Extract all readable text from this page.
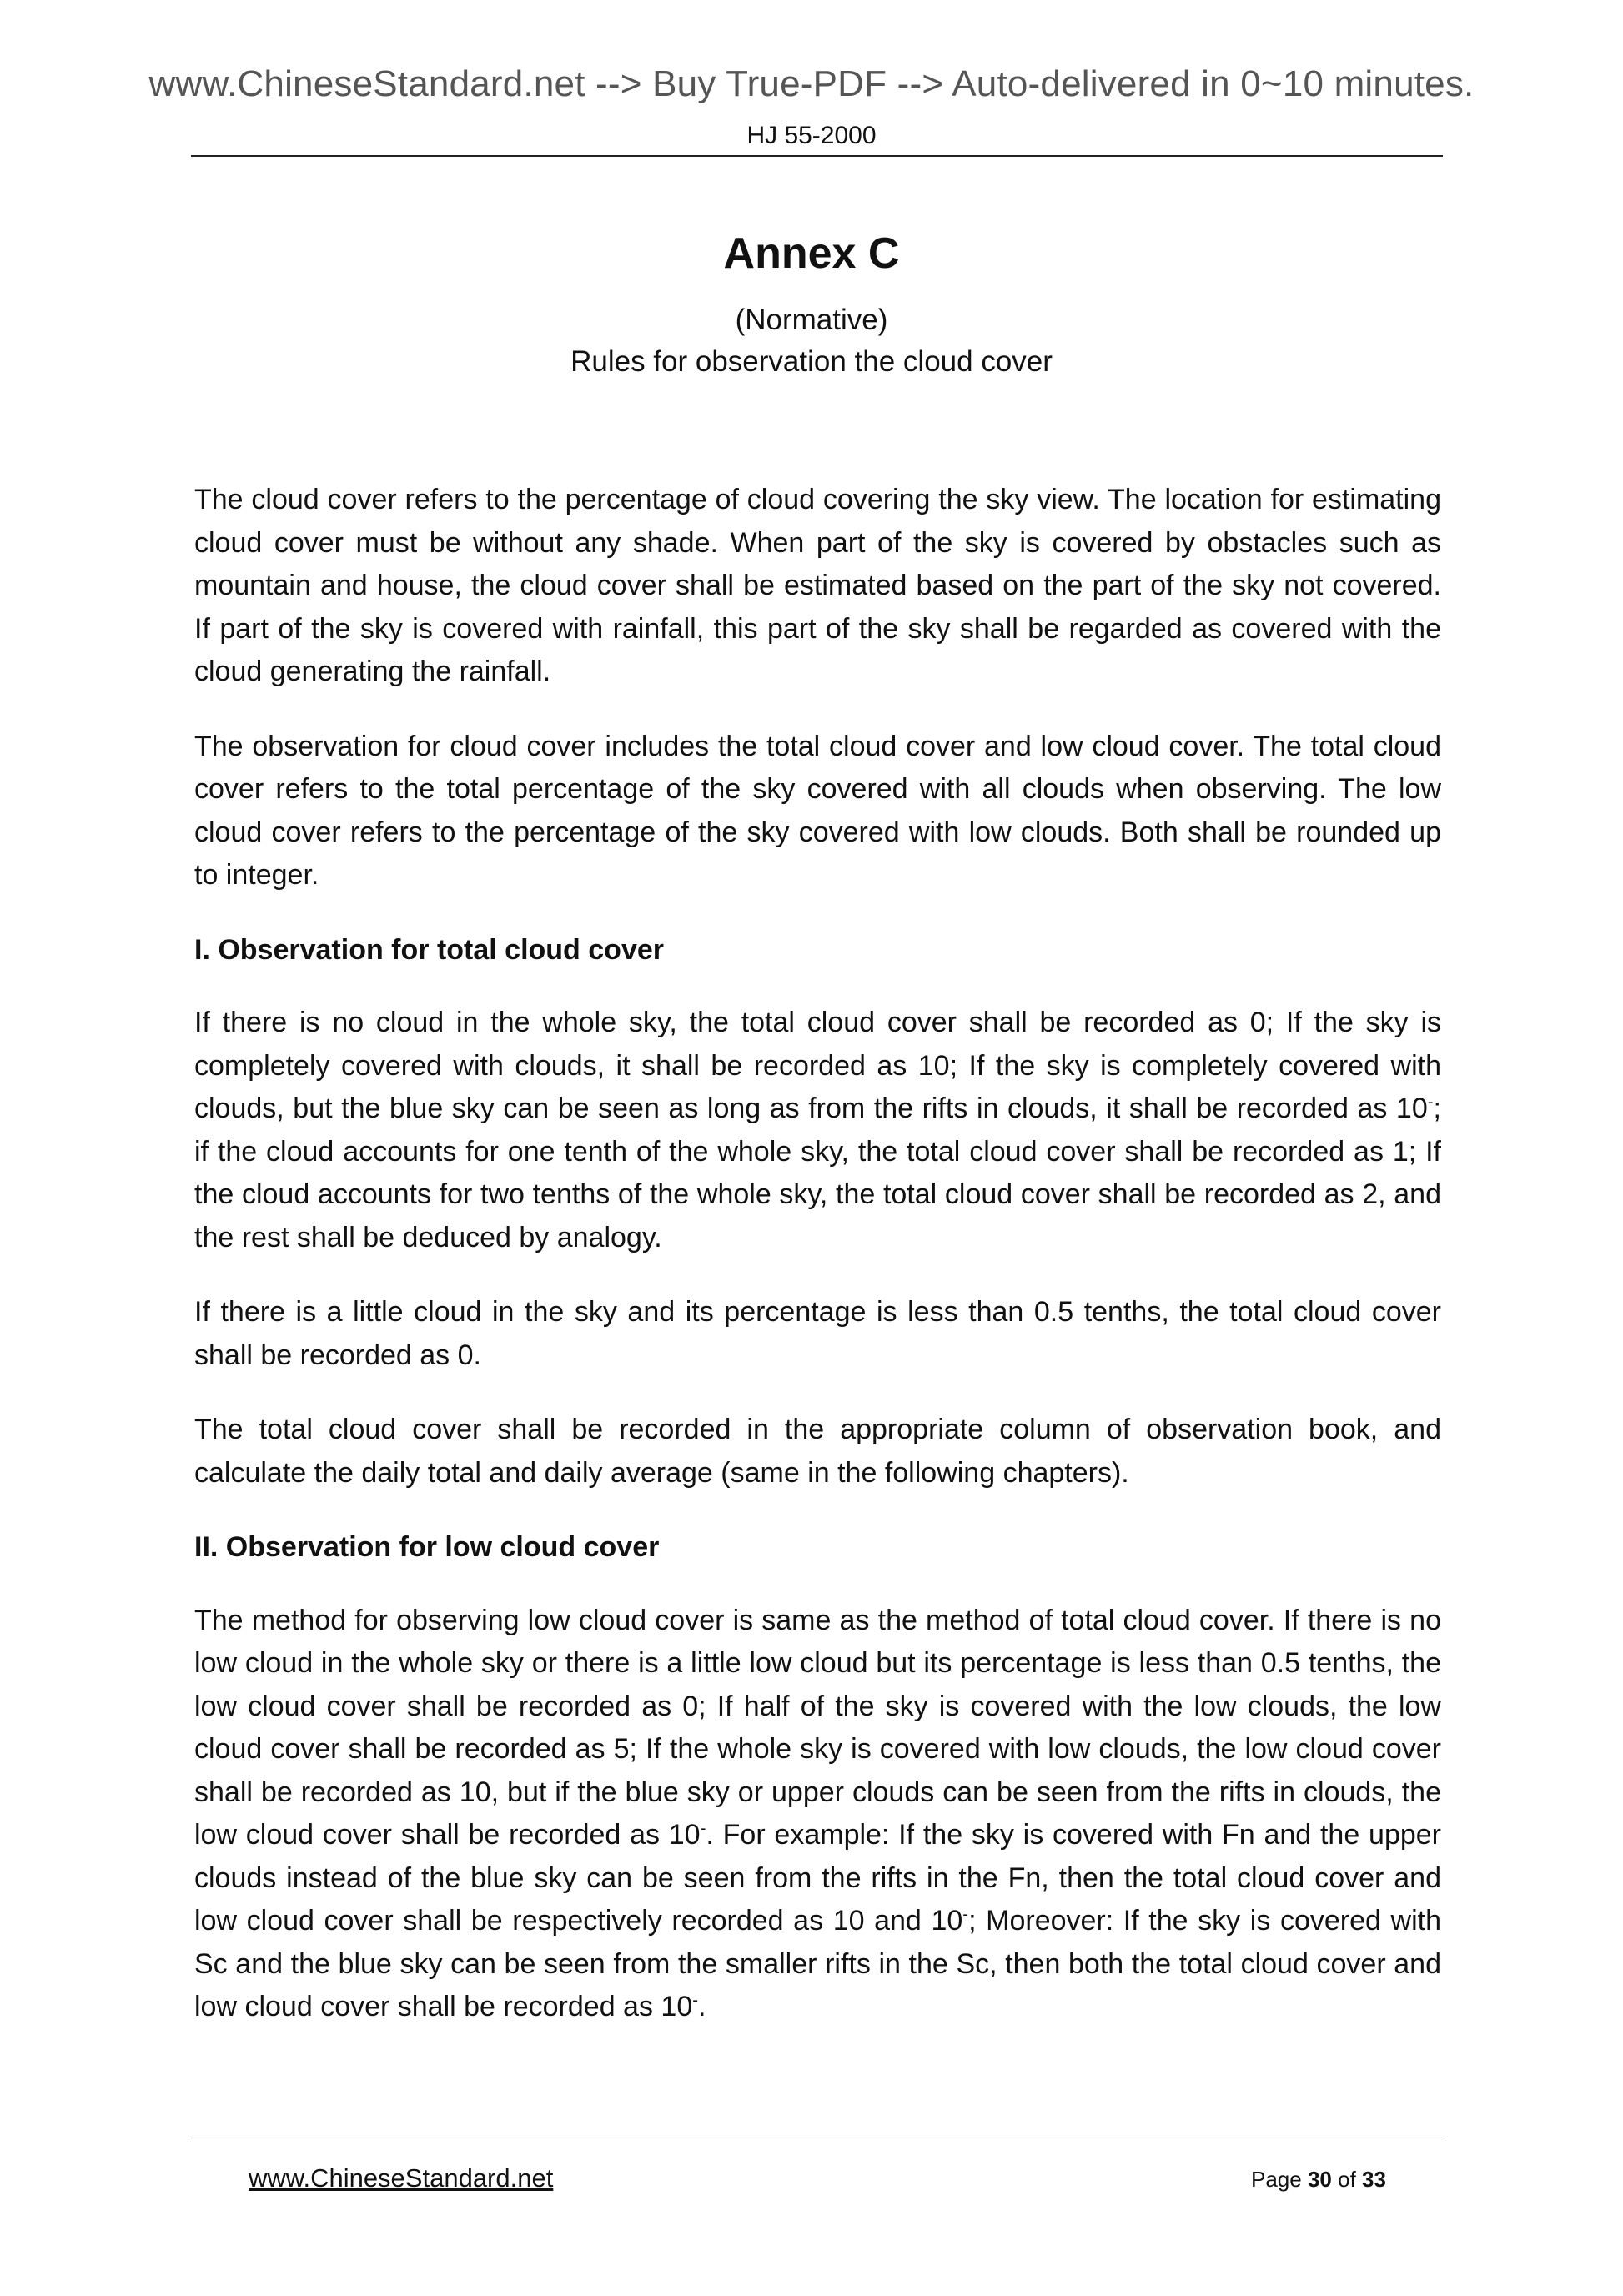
www.ChineseStandard.net --> Buy True-PDF --> Auto-delivered in 0~10 minutes.
HJ 55-2000
Annex C
(Normative)
Rules for observation the cloud cover

The cloud cover refers to the percentage of cloud covering the sky view. The location for estimating cloud cover must be without any shade. When part of the sky is covered by obstacles such as mountain and house, the cloud cover shall be estimated based on the part of the sky not covered. If part of the sky is covered with rainfall, this part of the sky shall be regarded as covered with the cloud generating the rainfall.

The observation for cloud cover includes the total cloud cover and low cloud cover. The total cloud cover refers to the total percentage of the sky covered with all clouds when observing. The low cloud cover refers to the percentage of the sky covered with low clouds. Both shall be rounded up to integer.

I. Observation for total cloud cover

If there is no cloud in the whole sky, the total cloud cover shall be recorded as 0; If the sky is completely covered with clouds, it shall be recorded as 10; If the sky is completely covered with clouds, but the blue sky can be seen as long as from the rifts in clouds, it shall be recorded as 10-; if the cloud accounts for one tenth of the whole sky, the total cloud cover shall be recorded as 1; If the cloud accounts for two tenths of the whole sky, the total cloud cover shall be recorded as 2, and the rest shall be deduced by analogy.

If there is a little cloud in the sky and its percentage is less than 0.5 tenths, the total cloud cover shall be recorded as 0.

The total cloud cover shall be recorded in the appropriate column of observation book, and calculate the daily total and daily average (same in the following chapters).

II. Observation for low cloud cover

The method for observing low cloud cover is same as the method of total cloud cover. If there is no low cloud in the whole sky or there is a little low cloud but its percentage is less than 0.5 tenths, the low cloud cover shall be recorded as 0; If half of the sky is covered with the low clouds, the low cloud cover shall be recorded as 5; If the whole sky is covered with low clouds, the low cloud cover shall be recorded as 10, but if the blue sky or upper clouds can be seen from the rifts in clouds, the low cloud cover shall be recorded as 10-. For example: If the sky is covered with Fn and the upper clouds instead of the blue sky can be seen from the rifts in the Fn, then the total cloud cover and low cloud cover shall be respectively recorded as 10 and 10-; Moreover: If the sky is covered with Sc and the blue sky can be seen from the smaller rifts in the Sc, then both the total cloud cover and low cloud cover shall be recorded as 10-.

www.ChineseStandard.net	Page 30 of 33
